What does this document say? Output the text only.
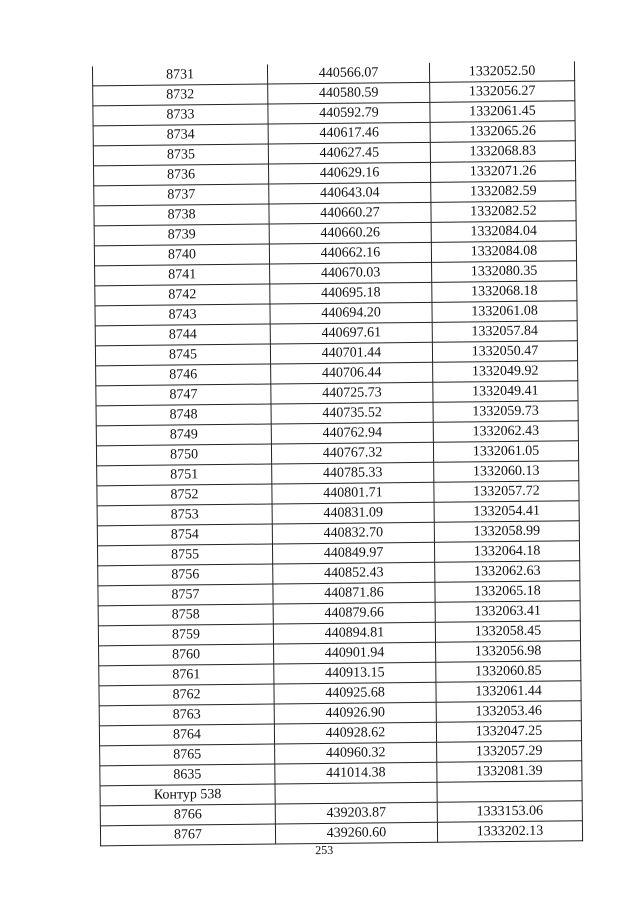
8731	440566.07	1332052.50
8732	440580.59	1332056.27
8733	440592.79	1332061.45
8734	440617.46	1332065.26
8735	440627.45	1332068.83
8736	440629.16	1332071.26
8737	440643.04	1332082.59
8738	440660.27	1332082.52
8739	440660.26	1332084.04
8740	440662.16	1332084.08
8741	440670.03	1332080.35
8742	440695.18	1332068.18
8743	440694.20	1332061.08
8744	440697.61	1332057.84
8745	440701.44	1332050.47
8746	440706.44	1332049.92
8747	440725.73	1332049.41
8748	440735.52	1332059.73
8749	440762.94	1332062.43
8750	440767.32	1332061.05
8751	440785.33	1332060.13
8752	440801.71	1332057.72
8753	440831.09	1332054.41
8754	440832.70	1332058.99
8755	440849.97	1332064.18
8756	440852.43	1332062.63
8757	440871.86	1332065.18
8758	440879.66	1332063.41
8759	440894.81	1332058.45
8760	440901.94	1332056.98
8761	440913.15	1332060.85
8762	440925.68	1332061.44
8763	440926.90	1332053.46
8764	440928.62	1332047.25
8765	440960.32	1332057.29
8635	441014.38	1332081.39
Контур 538		
8766	439203.87	1333153.06
8767	439260.60	1333202.13
253
